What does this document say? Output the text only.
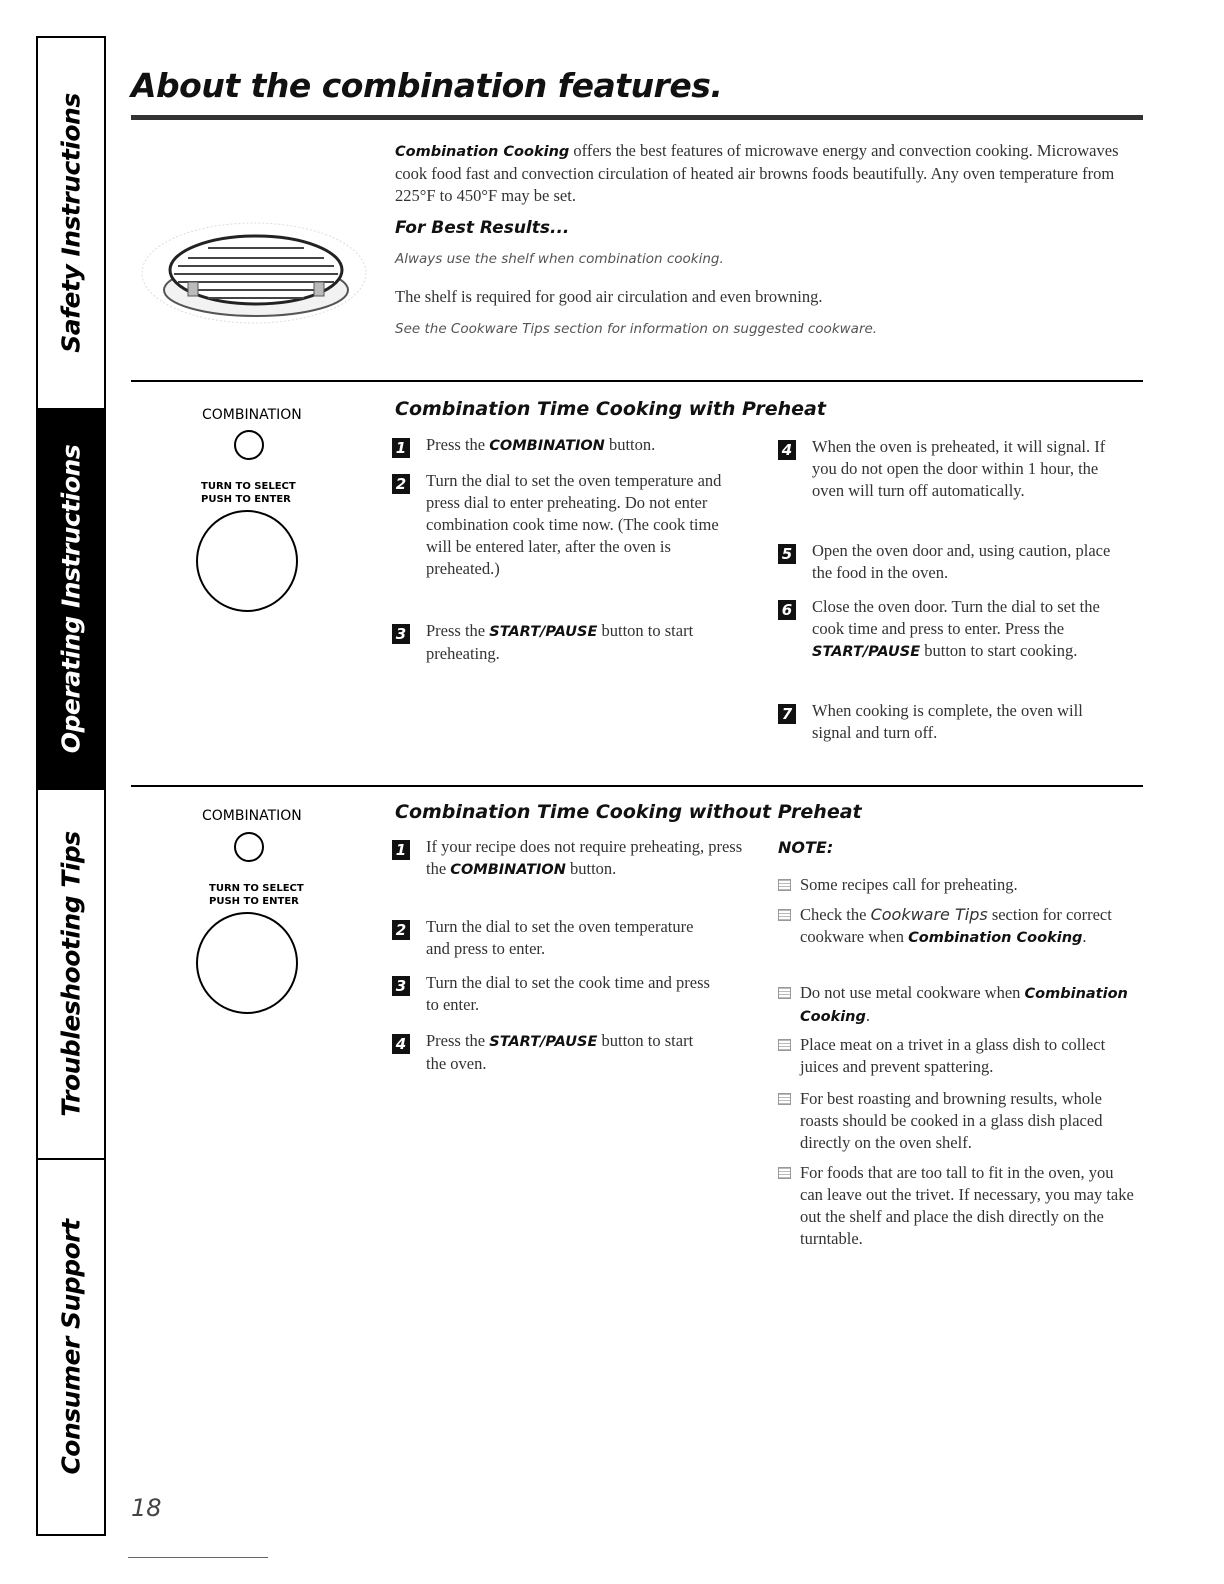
Safety Instructions
Operating Instructions
Troubleshooting Tips
Consumer Support
About the combination features.
Combination Cooking offers the best features of microwave energy and convection cooking. Microwaves cook food fast and convection circulation of heated air browns foods beautifully. Any oven temperature from 225°F to 450°F may be set.
For Best Results...
Always use the shelf when combination cooking.
The shelf is required for good air circulation and even browning.
See the Cookware Tips section for information on suggested cookware.
COMBINATION
TURN TO SELECT
PUSH TO ENTER
Combination Time Cooking with Preheat
1 Press the COMBINATION button.
2 Turn the dial to set the oven temperature and press dial to enter preheating. Do not enter combination cook time now. (The cook time will be entered later, after the oven is preheated.)
3 Press the START/PAUSE button to start preheating.
4 When the oven is preheated, it will signal. If you do not open the door within 1 hour, the oven will turn off automatically.
5 Open the oven door and, using caution, place the food in the oven.
6 Close the oven door. Turn the dial to set the cook time and press to enter. Press the START/PAUSE button to start cooking.
7 When cooking is complete, the oven will signal and turn off.
COMBINATION
TURN TO SELECT
PUSH TO ENTER
Combination Time Cooking without Preheat
1 If your recipe does not require preheating, press the COMBINATION button.
2 Turn the dial to set the oven temperature and press to enter.
3 Turn the dial to set the cook time and press to enter.
4 Press the START/PAUSE button to start the oven.
NOTE:
Some recipes call for preheating.
Check the Cookware Tips section for correct cookware when Combination Cooking.
Do not use metal cookware when Combination Cooking.
Place meat on a trivet in a glass dish to collect juices and prevent spattering.
For best roasting and browning results, whole roasts should be cooked in a glass dish placed directly on the oven shelf.
For foods that are too tall to fit in the oven, you can leave out the trivet. If necessary, you may take out the shelf and place the dish directly on the turntable.
18
